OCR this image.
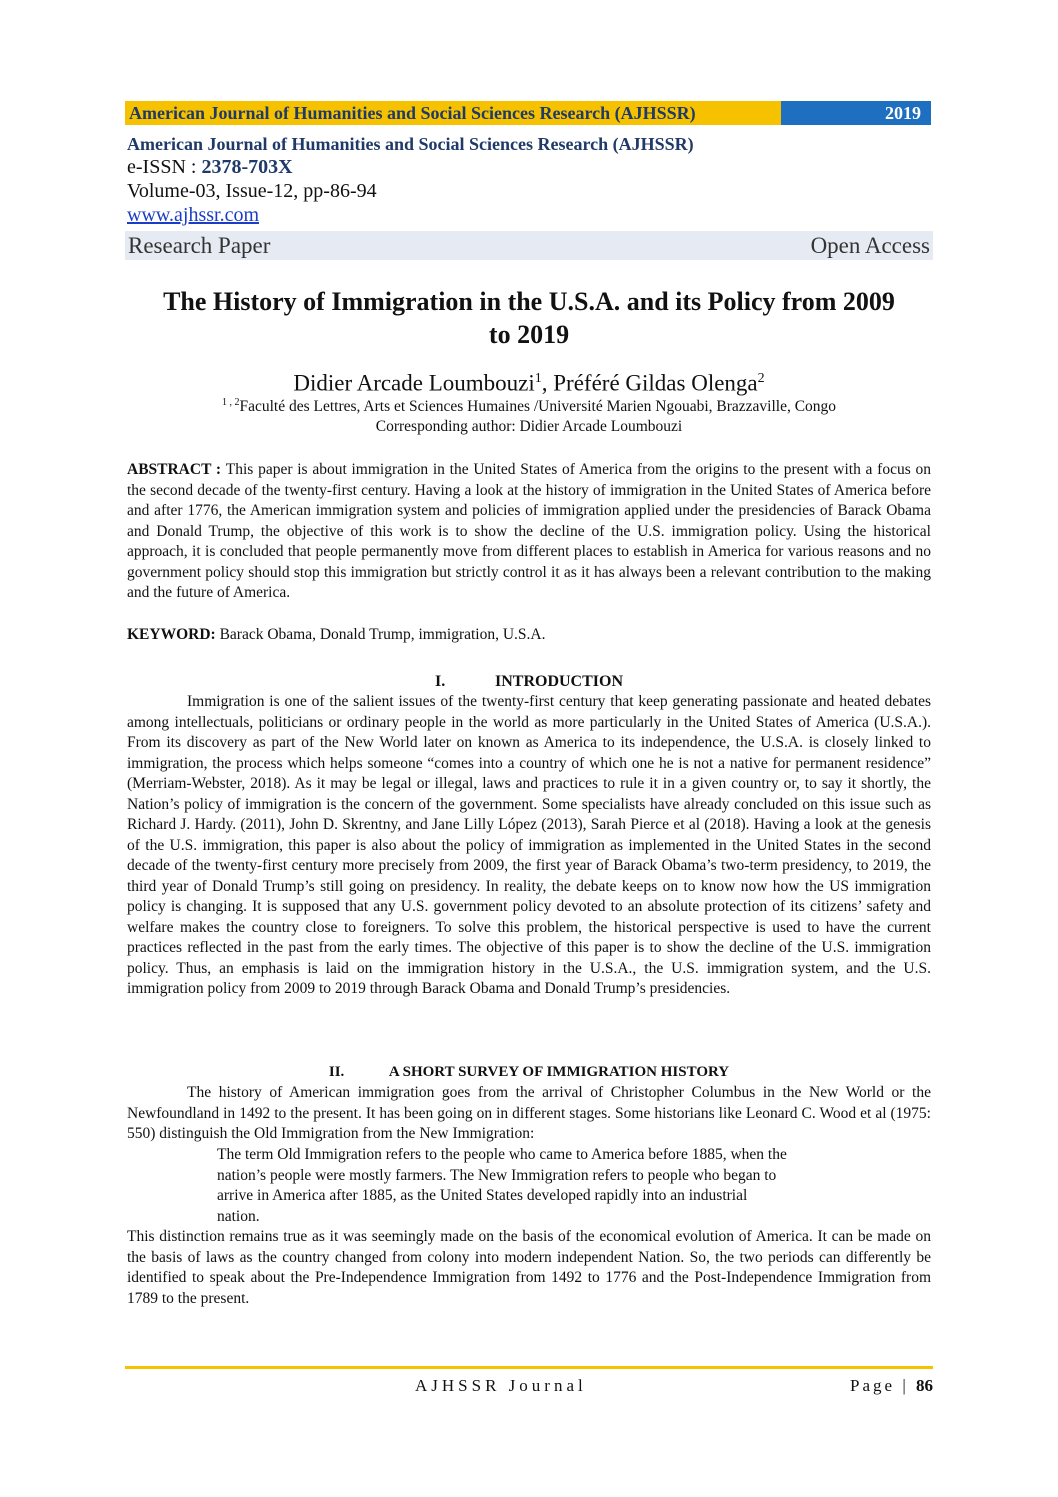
American Journal of Humanities and Social Sciences Research (AJHSSR)	2019
American Journal of Humanities and Social Sciences Research (AJHSSR)
e-ISSN : 2378-703X
Volume-03, Issue-12, pp-86-94
www.ajhssr.com
Research Paper	Open Access
The History of Immigration in the U.S.A. and its Policy from 2009
to 2019
Didier Arcade Loumbouzi$^1$, Préféré Gildas Olenga$^2$
$^{1 , 2}$Faculté des Lettres, Arts et Sciences Humaines /Université Marien Ngouabi, Brazzaville, Congo
Corresponding author: Didier Arcade Loumbouzi
ABSTRACT : This paper is about immigration in the United States of America from the origins to the present with a focus on the second decade of the twenty-first century. Having a look at the history of immigration in the United States of America before and after 1776, the American immigration system and policies of immigration applied under the presidencies of Barack Obama and Donald Trump, the objective of this work is to show the decline of the U.S. immigration policy. Using the historical approach, it is concluded that people permanently move from different places to establish in America for various reasons and no government policy should stop this immigration but strictly control it as it has always been a relevant contribution to the making and the future of America.
KEYWORD: Barack Obama, Donald Trump, immigration, U.S.A.
I.	INTRODUCTION
Immigration is one of the salient issues of the twenty-first century that keep generating passionate and heated debates among intellectuals, politicians or ordinary people in the world as more particularly in the United States of America (U.S.A.). From its discovery as part of the New World later on known as America to its independence, the U.S.A. is closely linked to immigration, the process which helps someone “comes into a country of which one he is not a native for permanent residence” (Merriam-Webster, 2018). As it may be legal or illegal, laws and practices to rule it in a given country or, to say it shortly, the Nation’s policy of immigration is the concern of the government. Some specialists have already concluded on this issue such as Richard J. Hardy. (2011), John D. Skrentny, and Jane Lilly López (2013), Sarah Pierce et al (2018). Having a look at the genesis of the U.S. immigration, this paper is also about the policy of immigration as implemented in the United States in the second decade of the twenty-first century more precisely from 2009, the first year of Barack Obama’s two-term presidency, to 2019, the third year of Donald Trump’s still going on presidency. In reality, the debate keeps on to know now how the US immigration policy is changing. It is supposed that any U.S. government policy devoted to an absolute protection of its citizens’ safety and welfare makes the country close to foreigners. To solve this problem, the historical perspective is used to have the current practices reflected in the past from the early times. The objective of this paper is to show the decline of the U.S. immigration policy. Thus, an emphasis is laid on the immigration history in the U.S.A., the U.S. immigration system, and the U.S. immigration policy from 2009 to 2019 through Barack Obama and Donald Trump’s presidencies.
II.	A SHORT SURVEY OF IMMIGRATION HISTORY
The history of American immigration goes from the arrival of Christopher Columbus in the New World or the Newfoundland in 1492 to the present. It has been going on in different stages. Some historians like Leonard C. Wood et al (1975: 550) distinguish the Old Immigration from the New Immigration:
The term Old Immigration refers to the people who came to America before 1885, when the nation’s people were mostly farmers. The New Immigration refers to people who began to arrive in America after 1885, as the United States developed rapidly into an industrial nation.
This distinction remains true as it was seemingly made on the basis of the economical evolution of America. It can be made on the basis of laws as the country changed from colony into modern independent Nation. So, the two periods can differently be identified to speak about the Pre-Independence Immigration from 1492 to 1776 and the Post-Independence Immigration from 1789 to the present.
AJHSSR Journal	Page | 86
